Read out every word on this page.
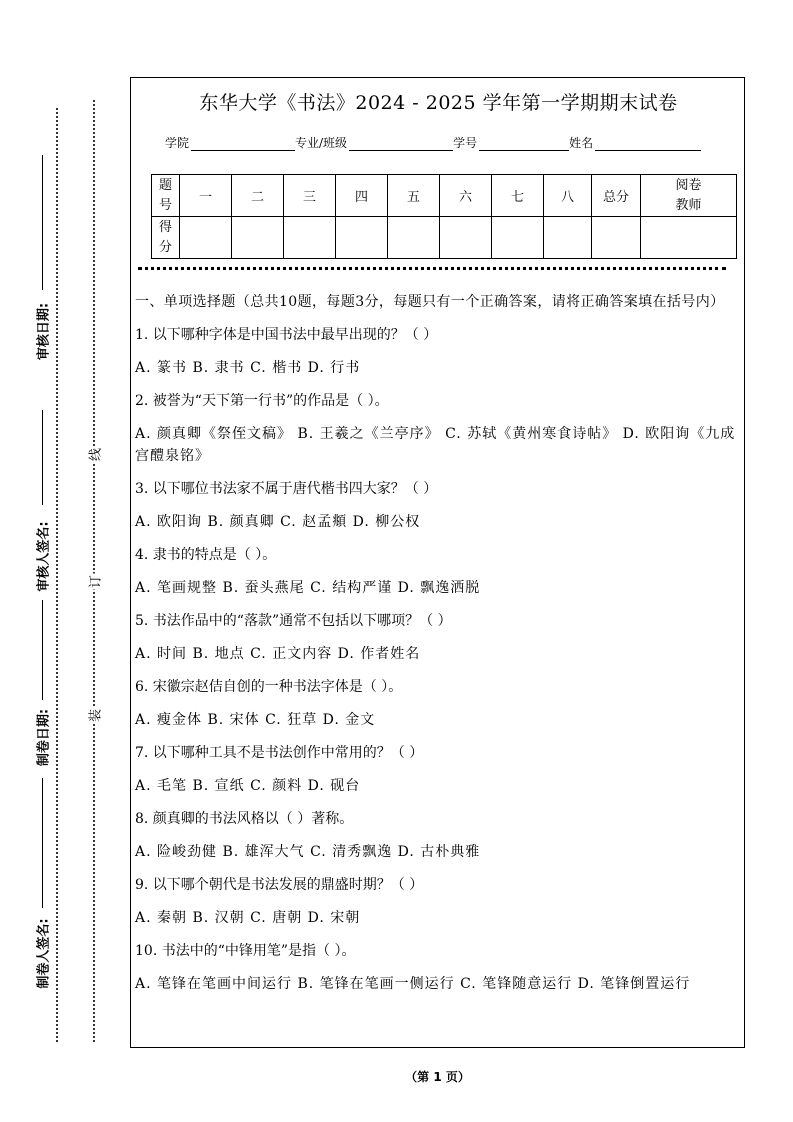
审核日期:
审核人签名:
制卷日期:
制卷人签名:
线
订
装
东华大学《书法》2024 - 2025 学年第一学期期末试卷
学院	专业/班级	学号	姓名
题号	一	二	三	四	五	六	七	八	总分	阅卷教师

得分										

一、单项选择题（总共10题，每题3分，每题只有一个正确答案，请将正确答案填在括号内）

1. 以下哪种字体是中国书法中最早出现的？（ ）

A. 篆书 B. 隶书 C. 楷书 D. 行书

2. 被誉为“天下第一行书”的作品是（ ）。

A. 颜真卿《祭侄文稿》 B. 王羲之《兰亭序》 C. 苏轼《黄州寒食诗帖》 D. 欧阳询《九成宫醴泉铭》

3. 以下哪位书法家不属于唐代楷书四大家？（ ）

A. 欧阳询 B. 颜真卿 C. 赵孟頫 D. 柳公权

4. 隶书的特点是（ ）。

A. 笔画规整 B. 蚕头燕尾 C. 结构严谨 D. 飘逸洒脱

5. 书法作品中的“落款”通常不包括以下哪项？（ ）

A. 时间 B. 地点 C. 正文内容 D. 作者姓名

6. 宋徽宗赵佶自创的一种书法字体是（ ）。

A. 瘦金体 B. 宋体 C. 狂草 D. 金文

7. 以下哪种工具不是书法创作中常用的？（ ）

A. 毛笔 B. 宣纸 C. 颜料 D. 砚台

8. 颜真卿的书法风格以（ ）著称。

A. 险峻劲健 B. 雄浑大气 C. 清秀飘逸 D. 古朴典雅

9. 以下哪个朝代是书法发展的鼎盛时期？（ ）

A. 秦朝 B. 汉朝 C. 唐朝 D. 宋朝

10. 书法中的“中锋用笔”是指（ ）。

A. 笔锋在笔画中间运行 B. 笔锋在笔画一侧运行 C. 笔锋随意运行 D. 笔锋倒置运行

（第 1 页）
